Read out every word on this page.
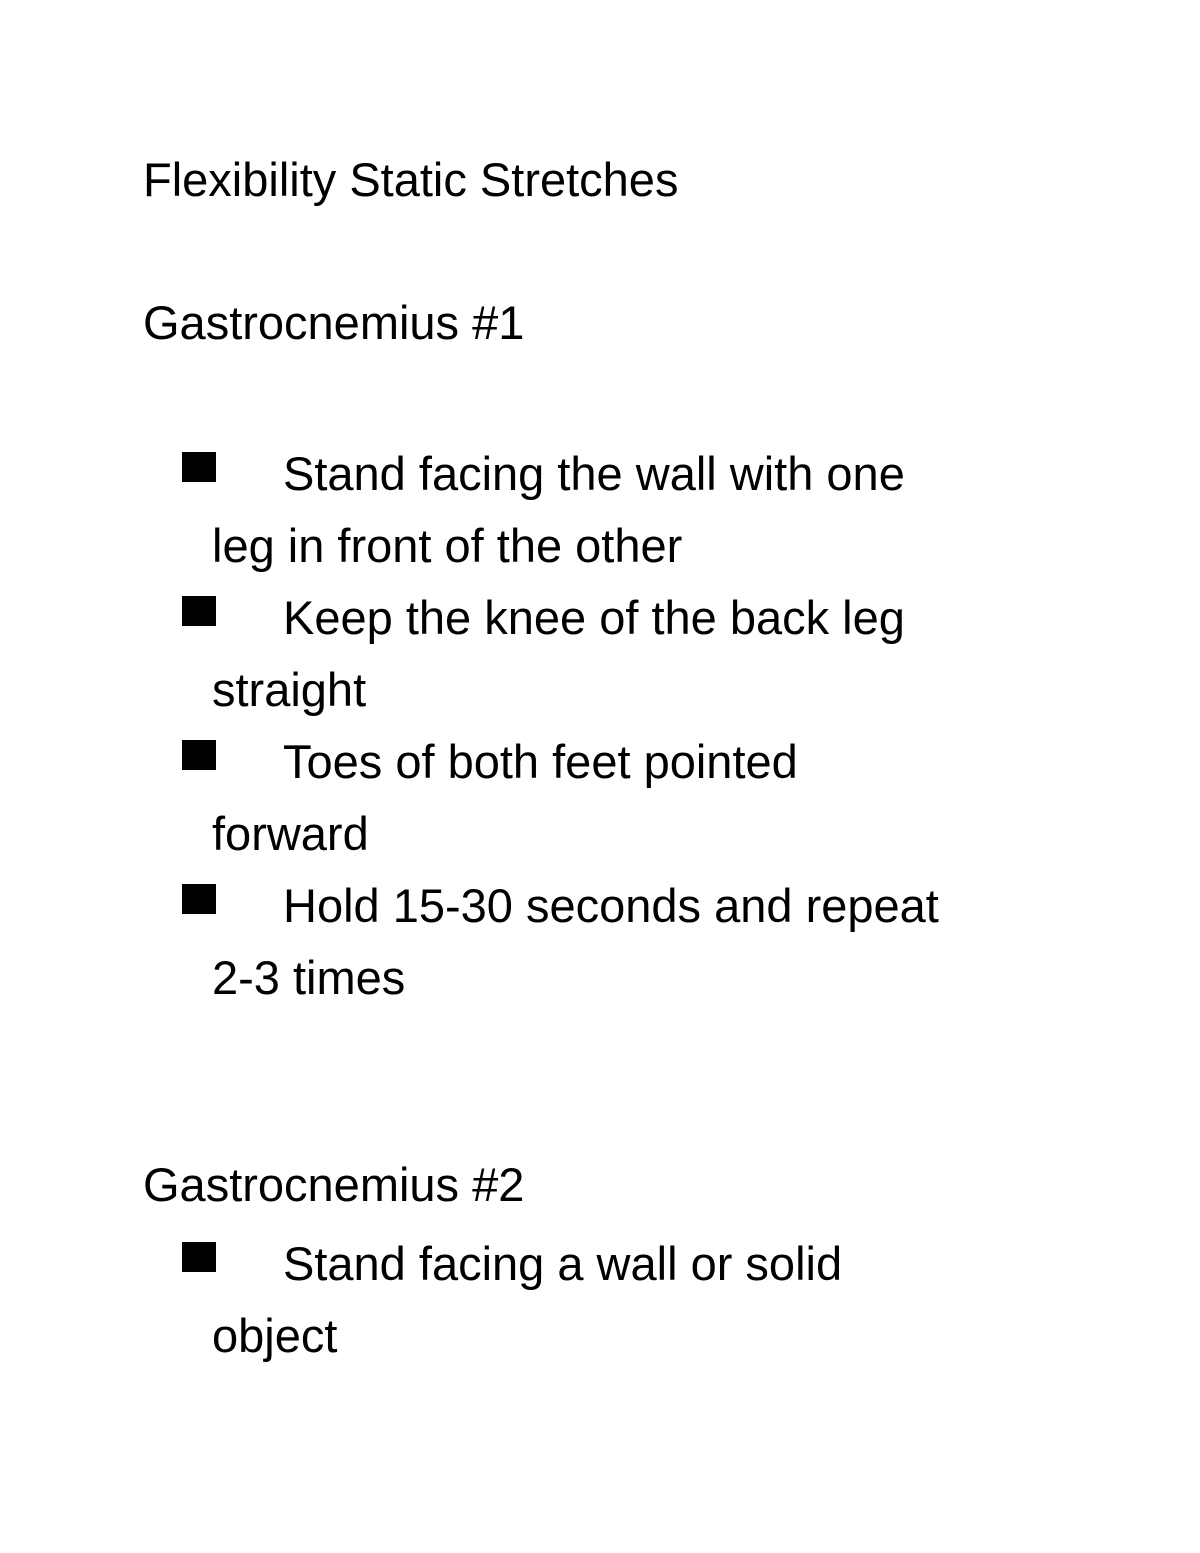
Flexibility Static Stretches
Gastrocnemius #1
Stand facing the wall with one
leg in front of the other
Keep the knee of the back leg
straight
Toes of both feet pointed
forward
Hold 15-30 seconds and repeat
2-3 times
Gastrocnemius #2
Stand facing a wall or solid
object
